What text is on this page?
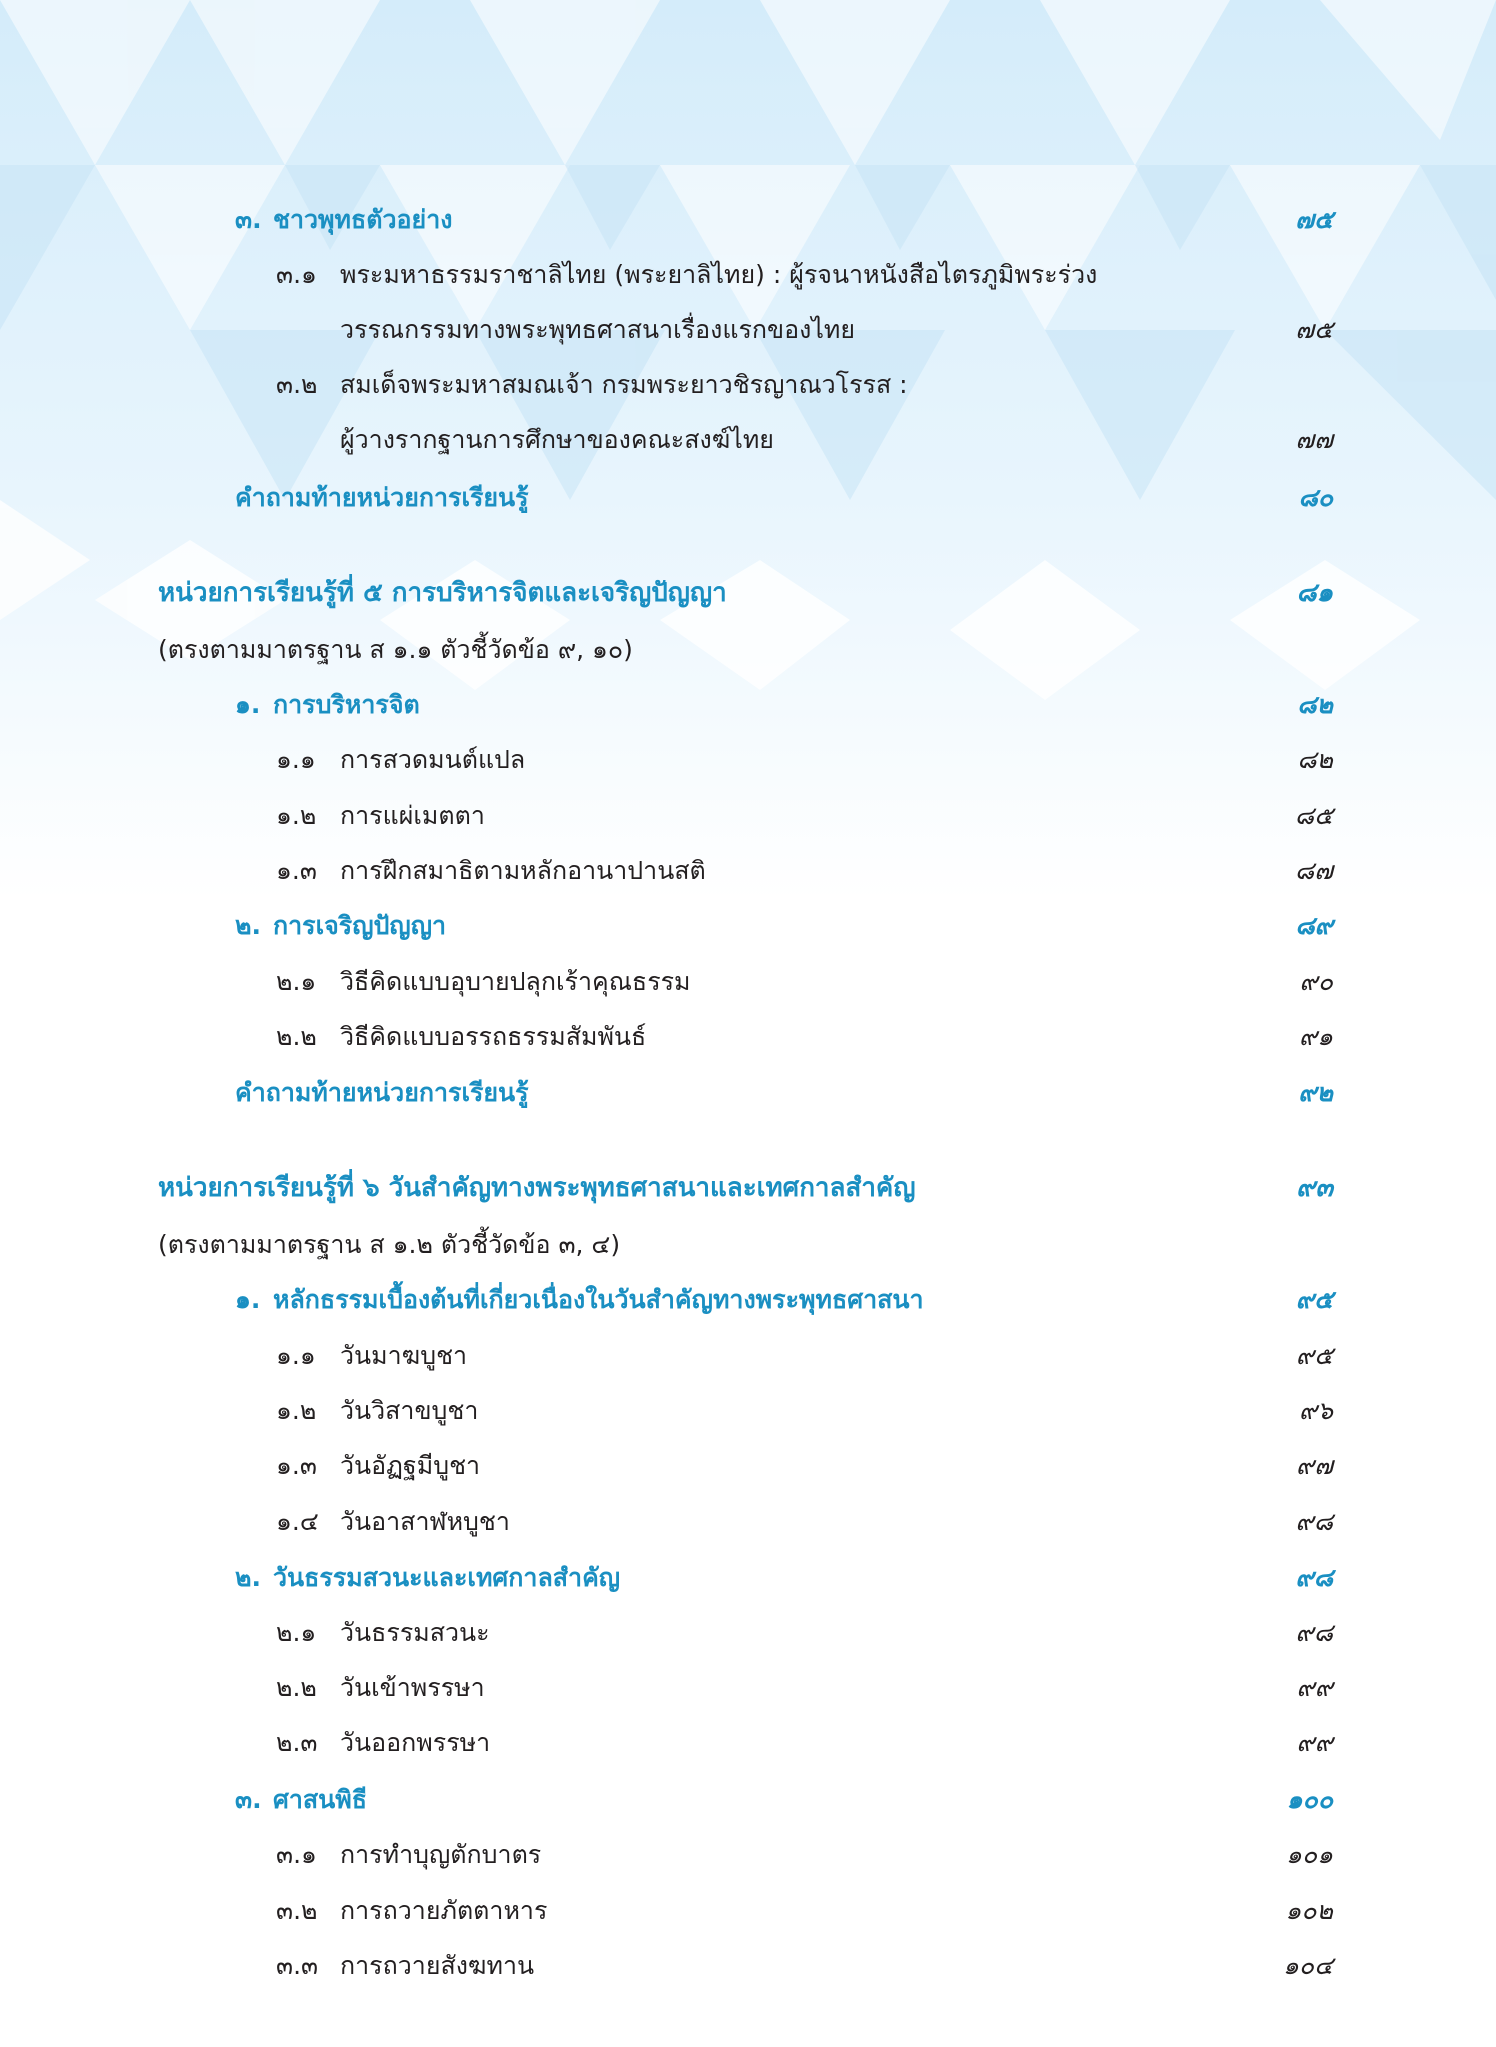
๓. ชาวพุทธตัวอย่าง	๗๕
๓.๑ พระมหาธรรมราชาลิไทย (พระยาลิไทย) : ผู้รจนาหนังสือไตรภูมิพระร่วง
วรรณกรรมทางพระพุทธศาสนาเรื่องแรกของไทย	๗๕
๓.๒ สมเด็จพระมหาสมณเจ้า กรมพระยาวชิรญาณวโรรส :
ผู้วางรากฐานการศึกษาของคณะสงฆ์ไทย	๗๗
คำถามท้ายหน่วยการเรียนรู้	๘๐
หน่วยการเรียนรู้ที่ ๕ การบริหารจิตและเจริญปัญญา	๘๑
(ตรงตามมาตรฐาน ส ๑.๑ ตัวชี้วัดข้อ ๙, ๑๐)
๑. การบริหารจิต	๘๒
๑.๑ การสวดมนต์แปล	๘๒
๑.๒ การแผ่เมตตา	๘๕
๑.๓ การฝึกสมาธิตามหลักอานาปานสติ	๘๗
๒. การเจริญปัญญา	๘๙
๒.๑ วิธีคิดแบบอุบายปลุกเร้าคุณธรรม	๙๐
๒.๒ วิธีคิดแบบอรรถธรรมสัมพันธ์	๙๑
คำถามท้ายหน่วยการเรียนรู้	๙๒
หน่วยการเรียนรู้ที่ ๖ วันสำคัญทางพระพุทธศาสนาและเทศกาลสำคัญ	๙๓
(ตรงตามมาตรฐาน ส ๑.๒ ตัวชี้วัดข้อ ๓, ๔)
๑. หลักธรรมเบื้องต้นที่เกี่ยวเนื่องในวันสำคัญทางพระพุทธศาสนา	๙๕
๑.๑ วันมาฆบูชา	๙๕
๑.๒ วันวิสาขบูชา	๙๖
๑.๓ วันอัฏฐมีบูชา	๙๗
๑.๔ วันอาสาฬหบูชา	๙๘
๒. วันธรรมสวนะและเทศกาลสำคัญ	๙๘
๒.๑ วันธรรมสวนะ	๙๘
๒.๒ วันเข้าพรรษา	๙๙
๒.๓ วันออกพรรษา	๙๙
๓. ศาสนพิธี	๑๐๐
๓.๑ การทำบุญตักบาตร	๑๐๑
๓.๒ การถวายภัตตาหาร	๑๐๒
๓.๓ การถวายสังฆทาน	๑๐๔
